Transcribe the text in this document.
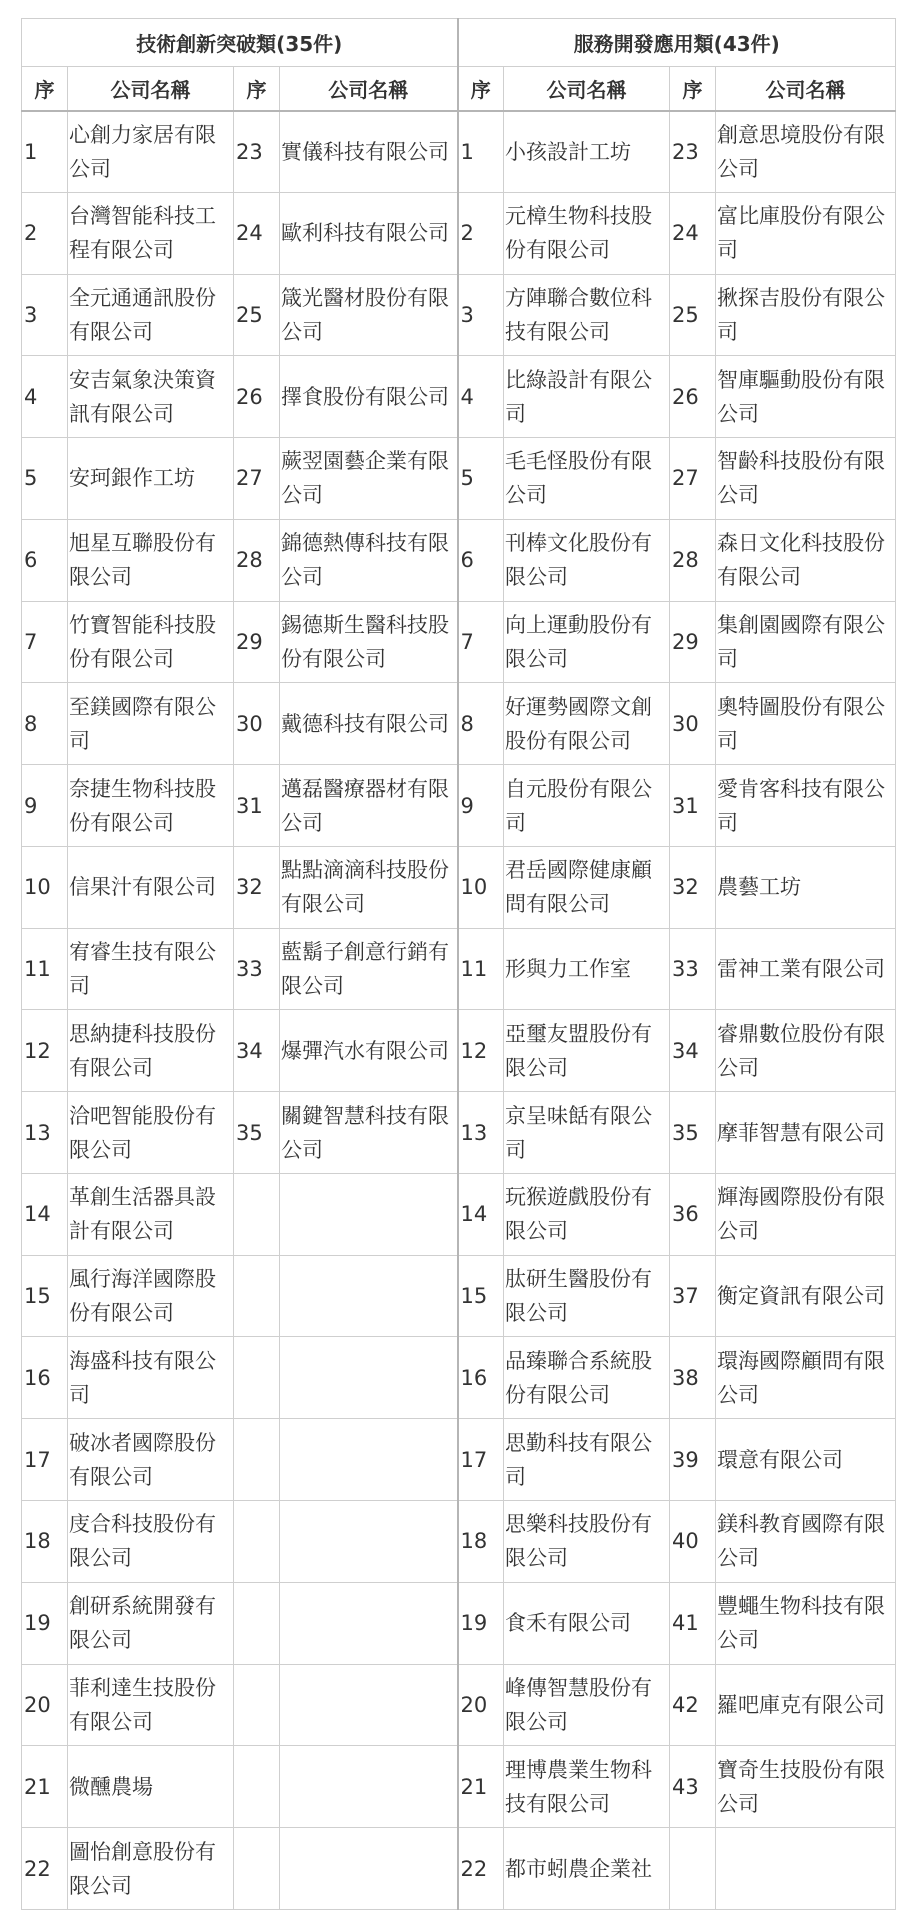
技術創新突破類(35件)				服務開發應用類(43件)			
序	公司名稱	序	公司名稱	序	公司名稱	序	公司名稱
1	心創力家居有限公司	23	實儀科技有限公司	1	小孩設計工坊	23	創意思境股份有限公司
2	台灣智能科技工程有限公司	24	歐利科技有限公司	2	元樟生物科技股份有限公司	24	富比庫股份有限公司
3	全元通通訊股份有限公司	25	箴光醫材股份有限公司	3	方陣聯合數位科技有限公司	25	揪探吉股份有限公司
4	安吉氣象決策資訊有限公司	26	擇食股份有限公司	4	比綠設計有限公司	26	智庫驅動股份有限公司
5	安珂銀作工坊	27	蕨翌園藝企業有限公司	5	毛毛怪股份有限公司	27	智齡科技股份有限公司
6	旭星互聯股份有限公司	28	錦德熱傳科技有限公司	6	刊棒文化股份有限公司	28	森日文化科技股份有限公司
7	竹寶智能科技股份有限公司	29	錫德斯生醫科技股份有限公司	7	向上運動股份有限公司	29	集創園國際有限公司
8	至鎂國際有限公司	30	戴德科技有限公司	8	好運勢國際文創股份有限公司	30	奧特圖股份有限公司
9	奈捷生物科技股份有限公司	31	邁磊醫療器材有限公司	9	自元股份有限公司	31	愛肯客科技有限公司
10	信果汁有限公司	32	點點滴滴科技股份有限公司	10	君岳國際健康顧問有限公司	32	農藝工坊
11	宥睿生技有限公司	33	藍鬍子創意行銷有限公司	11	形與力工作室	33	雷神工業有限公司
12	思納捷科技股份有限公司	34	爆彈汽水有限公司	12	亞璽友盟股份有限公司	34	睿鼎數位股份有限公司
13	洽吧智能股份有限公司	35	關鍵智慧科技有限公司	13	京呈味餂有限公司	35	摩菲智慧有限公司
14	革創生活器具設計有限公司			14	玩猴遊戲股份有限公司	36	輝海國際股份有限公司
15	風行海洋國際股份有限公司			15	肽研生醫股份有限公司	37	衡定資訊有限公司
16	海盛科技有限公司			16	品臻聯合系統股份有限公司	38	環海國際顧問有限公司
17	破冰者國際股份有限公司			17	思勤科技有限公司	39	環意有限公司
18	庋合科技股份有限公司			18	思樂科技股份有限公司	40	鎂科教育國際有限公司
19	創研系統開發有限公司			19	食禾有限公司	41	豐蠅生物科技有限公司
20	菲利達生技股份有限公司			20	峰傳智慧股份有限公司	42	羅吧庫克有限公司
21	微醺農場			21	理博農業生物科技有限公司	43	寶奇生技股份有限公司
22	圖怡創意股份有限公司			22	都市蚓農企業社		
